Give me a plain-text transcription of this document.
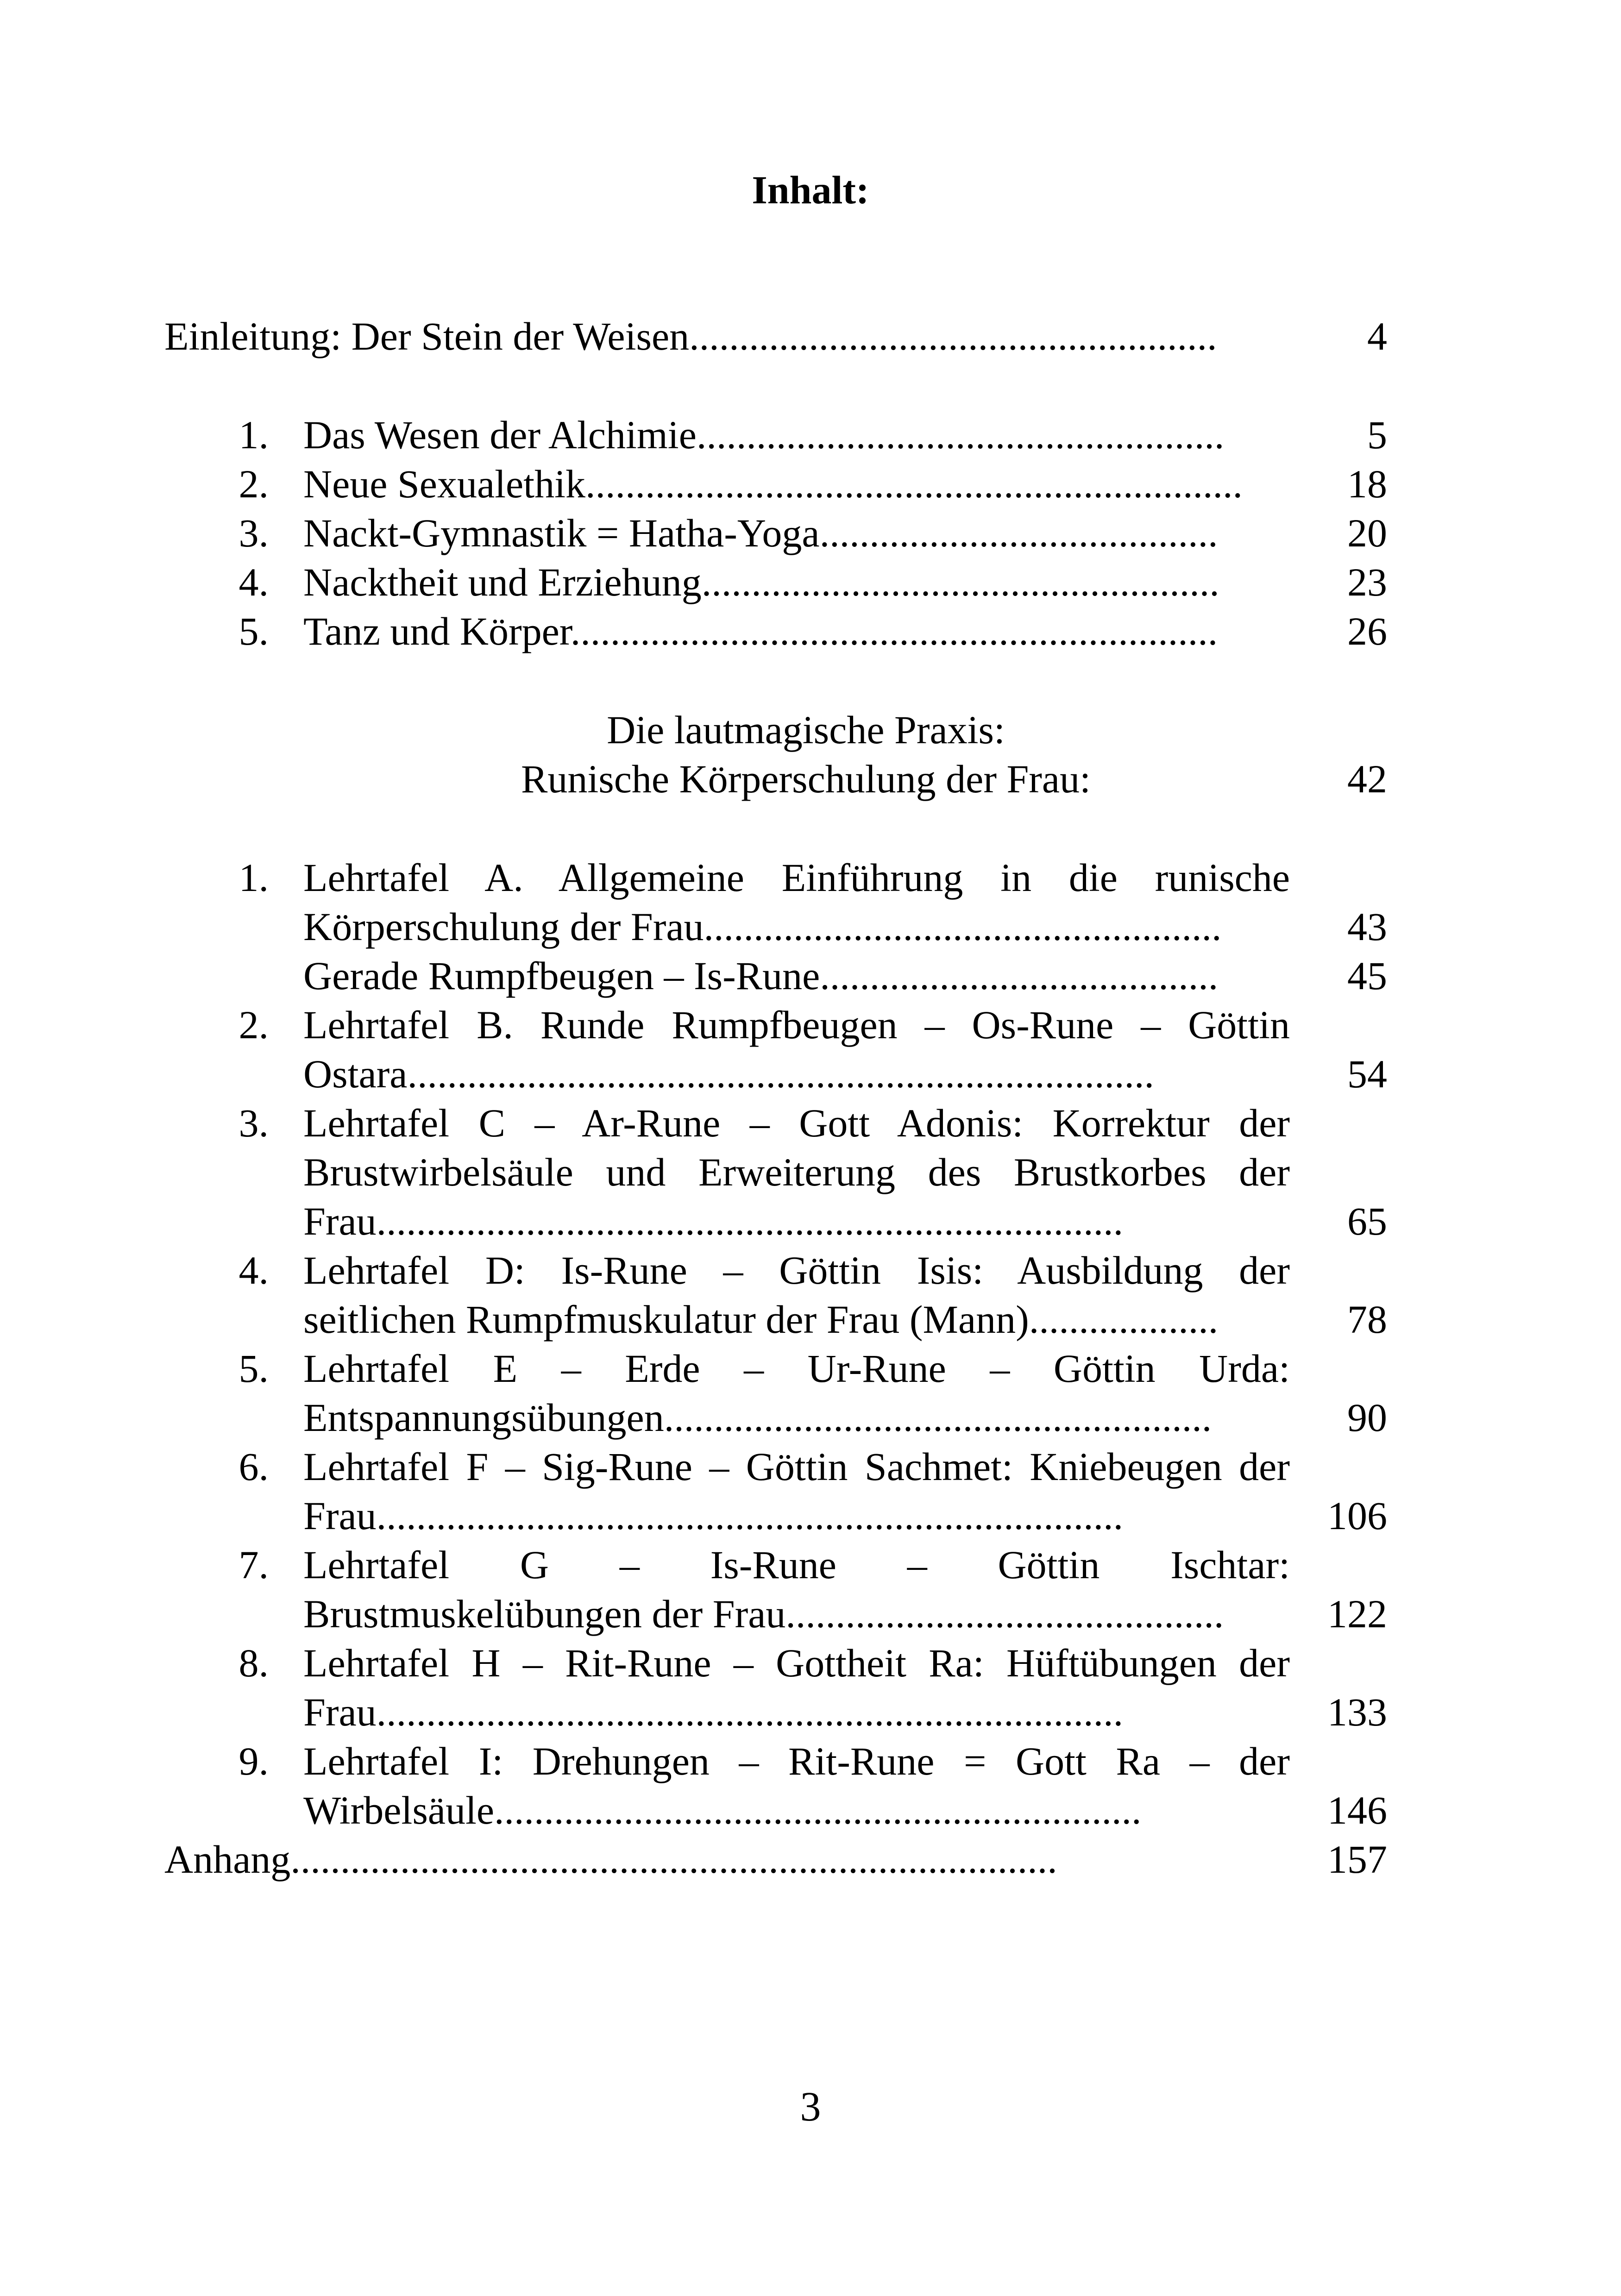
Inhalt:
Einleitung: Der Stein der Weisen.....................................................	4
1. Das Wesen der Alchimie.....................................................	5
2. Neue Sexualethik..................................................................	18
3. Nackt-Gymnastik = Hatha-Yoga........................................	20
4. Nacktheit und Erziehung....................................................	23
5. Tanz und Körper.................................................................	26
Die lautmagische Praxis:
Runische Körperschulung der Frau:	42
1. Lehrtafel A. Allgemeine Einführung in die runische
Körperschulung der Frau....................................................	43
Gerade Rumpfbeugen – Is-Rune........................................	45
2. Lehrtafel B. Runde Rumpfbeugen – Os-Rune – Göttin
Ostara...........................................................................	54
3. Lehrtafel C – Ar-Rune – Gott Adonis: Korrektur der
Brustwirbelsäule und Erweiterung des Brustkorbes der
Frau...........................................................................	65
4. Lehrtafel D: Is-Rune – Göttin Isis: Ausbildung der
seitlichen Rumpfmuskulatur der Frau (Mann)...................	78
5. Lehrtafel E – Erde – Ur-Rune – Göttin Urda:
Entspannungsübungen.......................................................	90
6. Lehrtafel F – Sig-Rune – Göttin Sachmet: Kniebeugen der
Frau...........................................................................	106
7. Lehrtafel G – Is-Rune – Göttin Ischtar:
Brustmuskelübungen der Frau............................................	122
8. Lehrtafel H – Rit-Rune – Gottheit Ra: Hüftübungen der
Frau...........................................................................	133
9. Lehrtafel I: Drehungen – Rit-Rune = Gott Ra – der
Wirbelsäule.................................................................	146
Anhang.............................................................................	157
3
